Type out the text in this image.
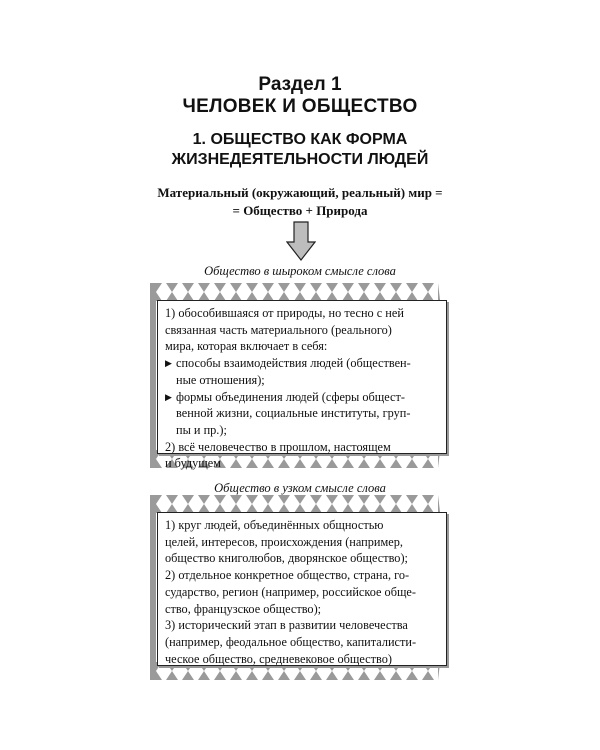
Раздел 1
ЧЕЛОВЕК И ОБЩЕСТВО
1. ОБЩЕСТВО КАК ФОРМА
ЖИЗНЕДЕЯТЕЛЬНОСТИ ЛЮДЕЙ
Материальный (окружающий, реальный) мир =
= Общество + Природа
Общество в шыроком смысле слова
1) обособившаяся от природы, но тесно с ней
связанная часть материального (реального)
мира, которая включает в себя:
▶ способы взаимодействия людей (обществен-
ные отношения);
▶ формы объединения людей (сферы общест-
венной жизни, социальные институты, груп-
пы и пр.);
2) всё человечество в прошлом, настоящем
и будущем
Общество в узком смысле слова
1) круг людей, объединённых общностью
целей, интересов, происхождения (например,
общество книголюбов, дворянское общество);
2) отдельное конкретное общество, страна, го-
сударство, регион (например, российское обще-
ство, французское общество);
3) исторический этап в развитии человечества
(например, феодальное общество, капиталисти-
ческое общество, средневековое общество)
